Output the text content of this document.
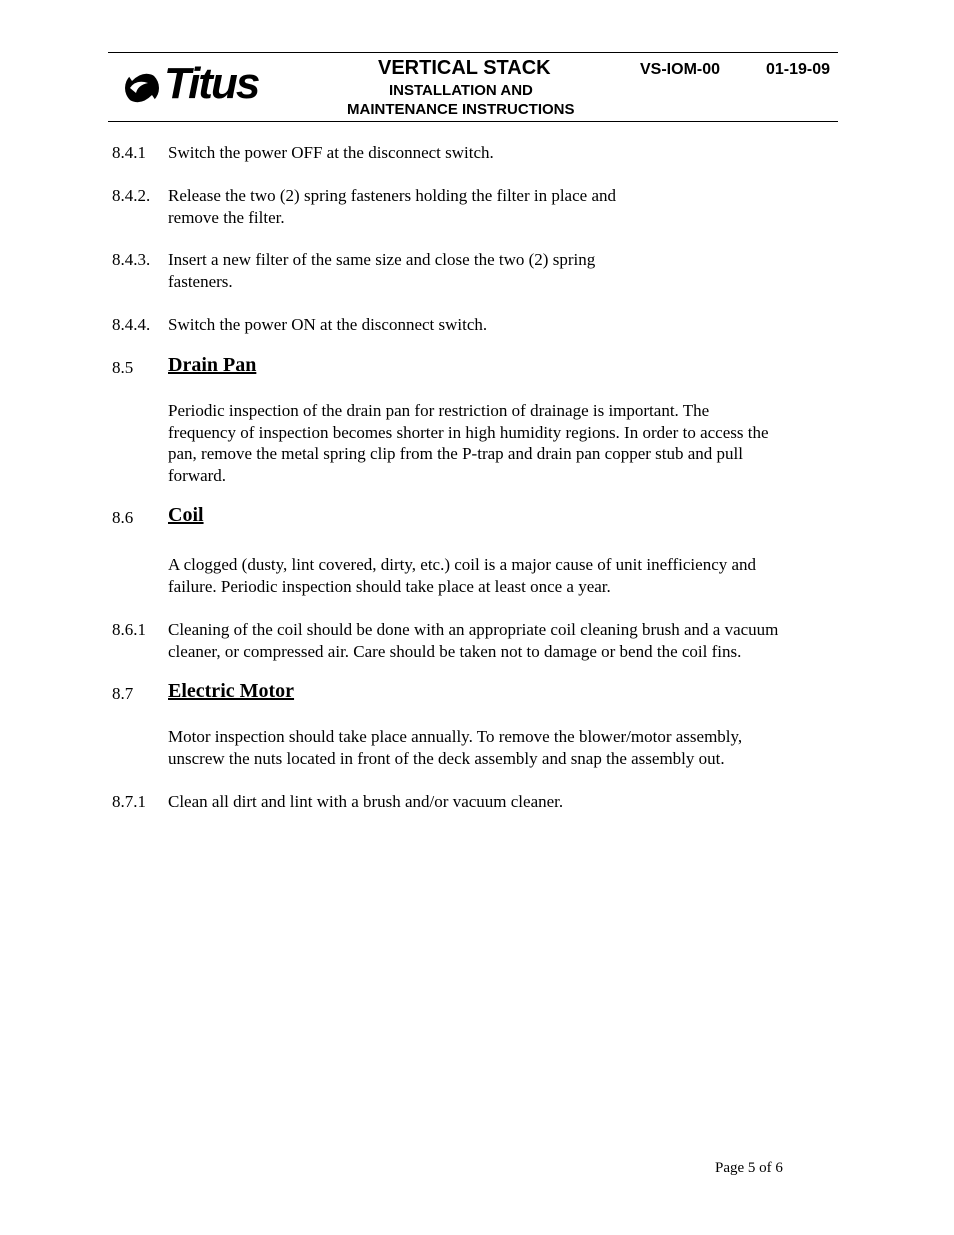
Titus	VERTICAL STACK
INSTALLATION AND
MAINTENANCE INSTRUCTIONS
VS-IOM-00	01-19-09
8.4.1 Switch the power OFF at the disconnect switch.
8.4.2. Release the two (2) spring fasteners holding the filter in place and
remove the filter.
8.4.3. Insert a new filter of the same size and close the two (2) spring
fasteners.
8.4.4. Switch the power ON at the disconnect switch.
8.5 Drain Pan
Periodic inspection of the drain pan for restriction of drainage is important. The
frequency of inspection becomes shorter in high humidity regions. In order to access the
pan, remove the metal spring clip from the P-trap and drain pan copper stub and pull
forward.
8.6 Coil
A clogged (dusty, lint covered, dirty, etc.) coil is a major cause of unit inefficiency and
failure. Periodic inspection should take place at least once a year.
8.6.1 Cleaning of the coil should be done with an appropriate coil cleaning brush and a vacuum
cleaner, or compressed air. Care should be taken not to damage or bend the coil fins.
8.7 Electric Motor
Motor inspection should take place annually. To remove the blower/motor assembly,
unscrew the nuts located in front of the deck assembly and snap the assembly out.
8.7.1 Clean all dirt and lint with a brush and/or vacuum cleaner.
Page 5 of 6
